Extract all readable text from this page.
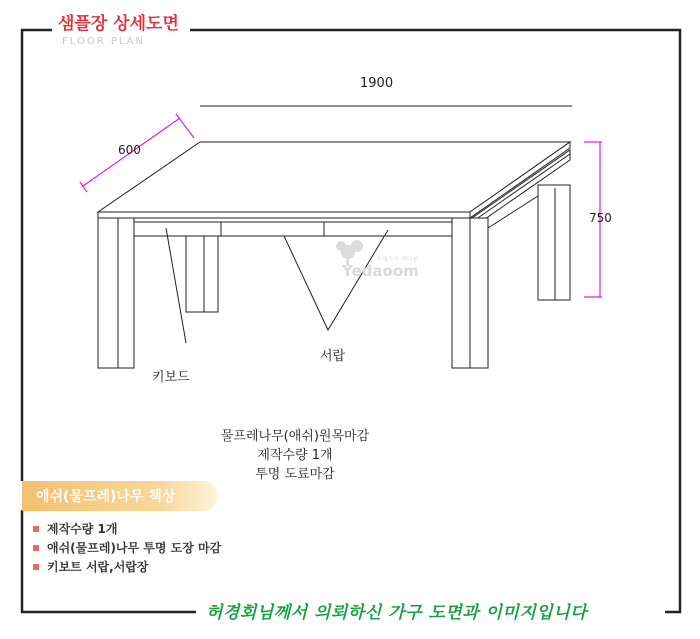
샘플장 상세도면
FLOOR PLAN
목재가구 예다움
Yedaoom
1900
600
750
키보드
서랍
물프레나무(애쉬)원목마감
제작수량 1개
투명 도료마감
애쉬(물프레)나무 책상
제작수량 1개
애쉬(물프레)나무 투명 도장 마감
키보트 서랍,서랍장
허경회님께서 의뢰하신 가구 도면과 이미지입니다
